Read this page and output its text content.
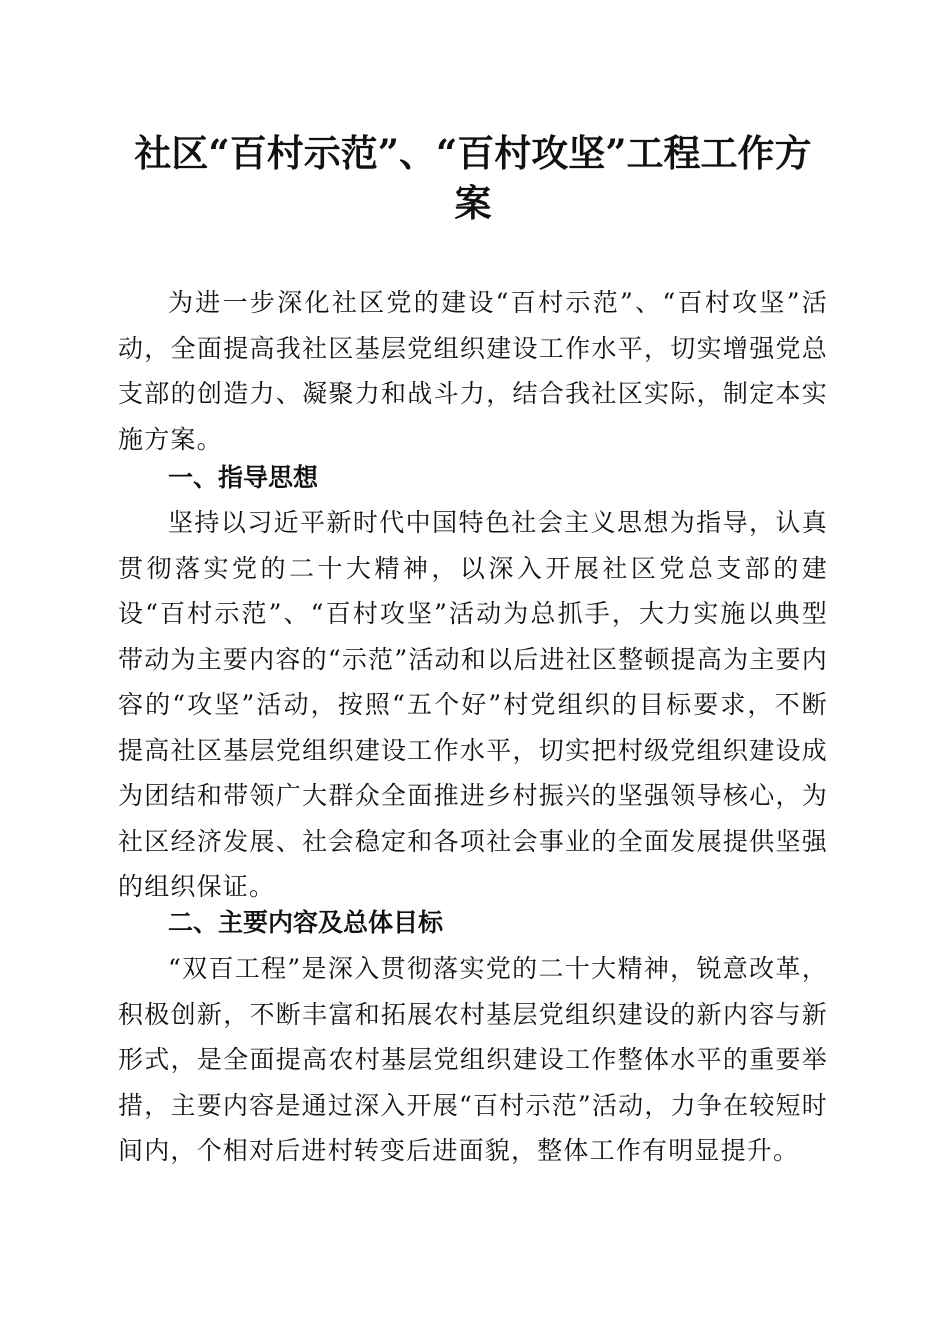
社区“百村示范”、“百村攻坚”工程工作方案

为进一步深化社区党的建设“百村示范”、“百村攻坚”活动，全面提高我社区基层党组织建设工作水平，切实增强党总支部的创造力、凝聚力和战斗力，结合我社区实际，制定本实施方案。

一、指导思想

坚持以习近平新时代中国特色社会主义思想为指导，认真贯彻落实党的二十大精神，以深入开展社区党总支部的建设“百村示范”、“百村攻坚”活动为总抓手，大力实施以典型带动为主要内容的“示范”活动和以后进社区整顿提高为主要内容的“攻坚”活动，按照“五个好”村党组织的目标要求，不断提高社区基层党组织建设工作水平，切实把村级党组织建设成为团结和带领广大群众全面推进乡村振兴的坚强领导核心，为社区经济发展、社会稳定和各项社会事业的全面发展提供坚强的组织保证。

二、主要内容及总体目标

“双百工程”是深入贯彻落实党的二十大精神，锐意改革，积极创新，不断丰富和拓展农村基层党组织建设的新内容与新形式，是全面提高农村基层党组织建设工作整体水平的重要举措，主要内容是通过深入开展“百村示范”活动，力争在较短时间内，个相对后进村转变后进面貌，整体工作有明显提升。
